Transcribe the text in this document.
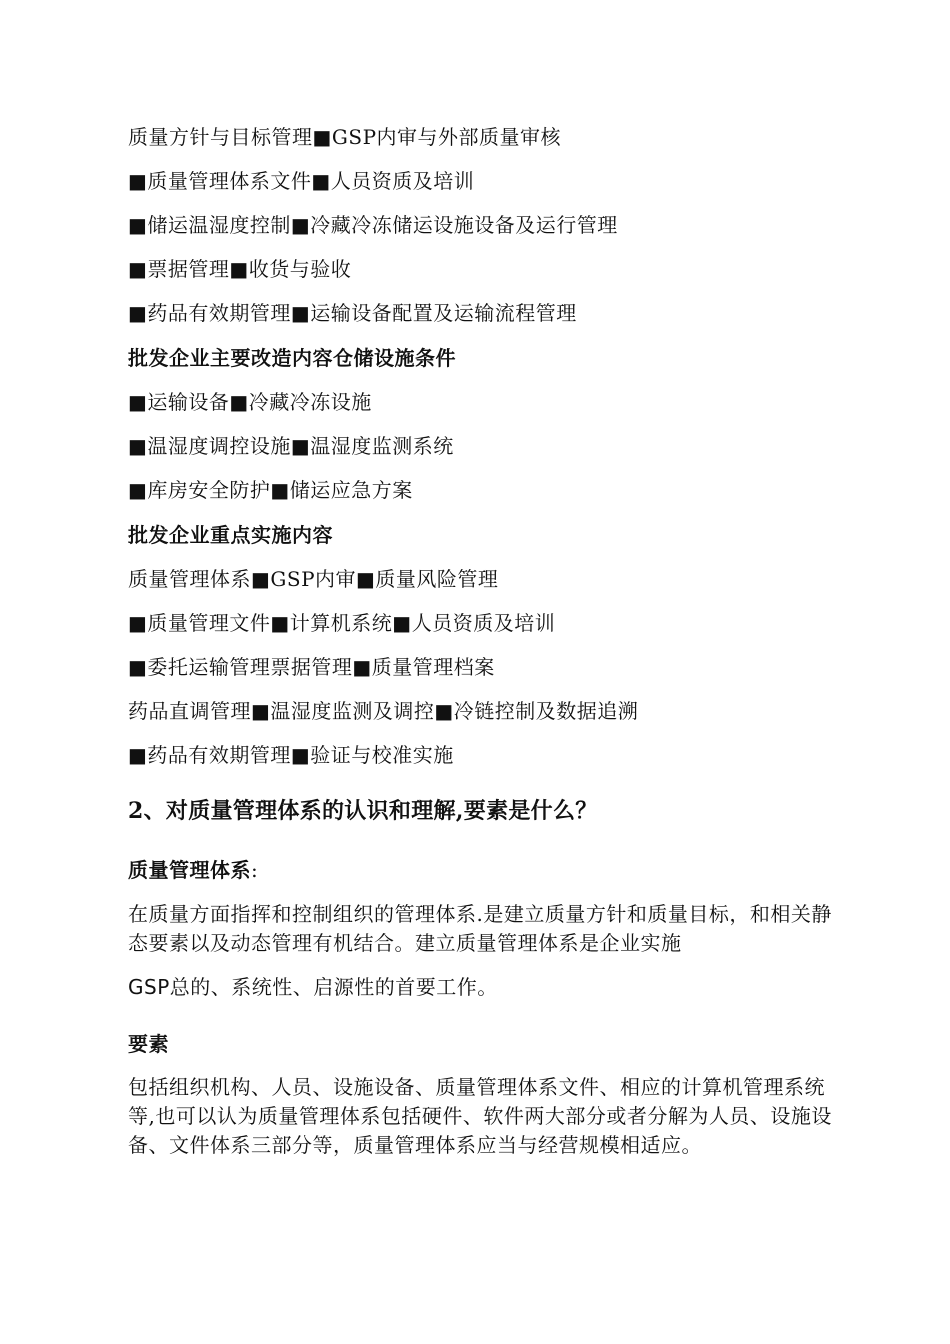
质量方针与目标管理■GSP内审与外部质量审核

■质量管理体系文件■人员资质及培训

■储运温湿度控制■冷藏冷冻储运设施设备及运行管理

■票据管理■收货与验收

■药品有效期管理■运输设备配置及运输流程管理

批发企业主要改造内容仓储设施条件

■运输设备■冷藏冷冻设施

■温湿度调控设施■温湿度监测系统

■库房安全防护■储运应急方案

批发企业重点实施内容

质量管理体系■GSP内审■质量风险管理

■质量管理文件■计算机系统■人员资质及培训

■委托运输管理票据管理■质量管理档案

药品直调管理■温湿度监测及调控■冷链控制及数据追溯

■药品有效期管理■验证与校准实施

2、对质量管理体系的认识和理解,要素是什么？

质量管理体系:

在质量方面指挥和控制组织的管理体系.是建立质量方针和质量目标，和相关静态要素以及动态管理有机结合。建立质量管理体系是企业实施

GSP总的、系统性、启源性的首要工作。

要素

包括组织机构、人员、设施设备、质量管理体系文件、相应的计算机管理系统等,也可以认为质量管理体系包括硬件、软件两大部分或者分解为人员、设施设备、文件体系三部分等，质量管理体系应当与经营规模相适应。
